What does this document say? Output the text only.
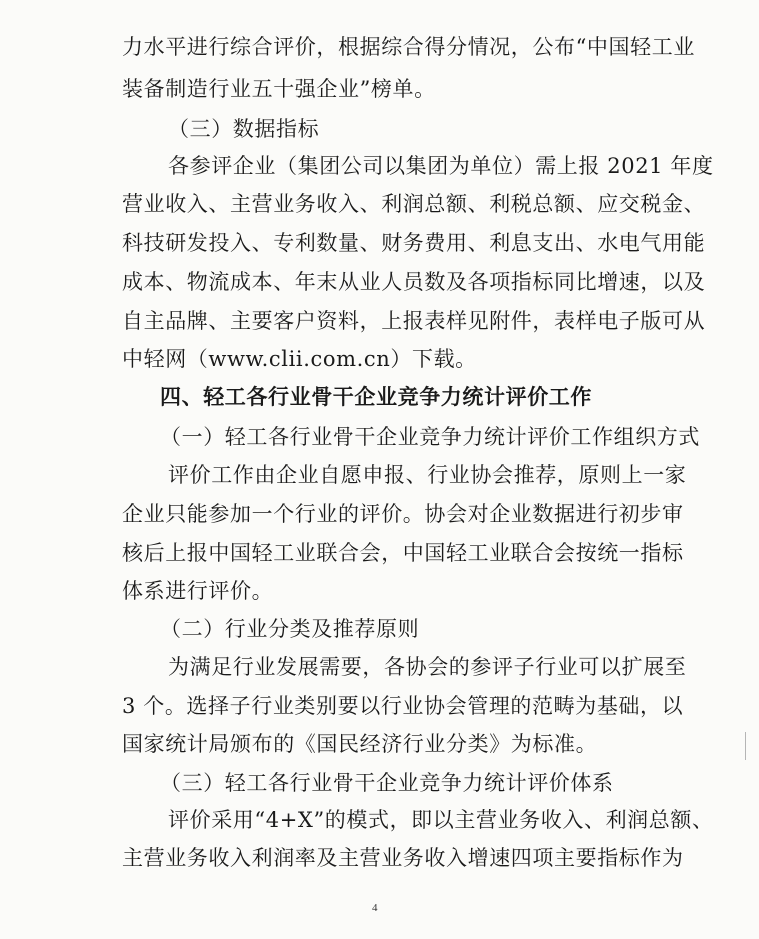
力水平进行综合评价，根据综合得分情况，公布“中国轻工业
装备制造行业五十强企业”榜单。
（三）数据指标
各参评企业（集团公司以集团为单位）需上报 2021 年度
营业收入、主营业务收入、利润总额、利税总额、应交税金、
科技研发投入、专利数量、财务费用、利息支出、水电气用能
成本、物流成本、年末从业人员数及各项指标同比增速，以及
自主品牌、主要客户资料，上报表样见附件，表样电子版可从
中轻网（www.clii.com.cn）下载。
四、轻工各行业骨干企业竞争力统计评价工作
（一）轻工各行业骨干企业竞争力统计评价工作组织方式
评价工作由企业自愿申报、行业协会推荐，原则上一家
企业只能参加一个行业的评价。协会对企业数据进行初步审
核后上报中国轻工业联合会，中国轻工业联合会按统一指标
体系进行评价。
（二）行业分类及推荐原则
为满足行业发展需要，各协会的参评子行业可以扩展至
3 个。选择子行业类别要以行业协会管理的范畴为基础，以
国家统计局颁布的《国民经济行业分类》为标准。
（三）轻工各行业骨干企业竞争力统计评价体系
评价采用“4+X”的模式，即以主营业务收入、利润总额、
主营业务收入利润率及主营业务收入增速四项主要指标作为
4
